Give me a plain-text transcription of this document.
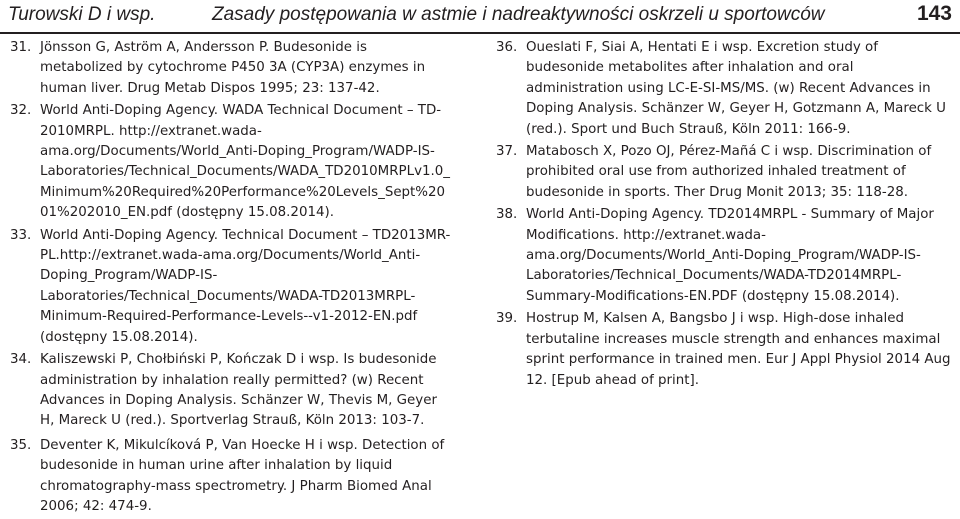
Turowski D i wsp.	Zasady postępowania w astmie i nadreaktywności oskrzeli u sportowców	143
31. Jönsson G, Aström A, Andersson P. Budesonide is metabolized by cytochrome P450 3A (CYP3A) enzymes in human liver. Drug Metab Dispos 1995; 23: 137-42.
32. World Anti-Doping Agency. WADA Technical Document – TD-2010MRPL. http://extranet.wada-ama.org/Documents/World_Anti-Doping_Program/WADP-IS-Laboratories/Technical_Documents/WADA_TD2010MRPLv1.0_Minimum%20Required%20Performance%20Levels_Sept%2001%202010_EN.pdf (dostępny 15.08.2014).
33. World Anti-Doping Agency. Technical Document – TD2013MR-PL.http://extranet.wada-ama.org/Documents/World_Anti-Doping_Program/WADP-IS-Laboratories/Technical_Documents/WADA-TD2013MRPL-Minimum-Required-Performance-Levels--v1-2012-EN.pdf (dostępny 15.08.2014).
34. Kaliszewski P, Chołbiński P, Kończak D i wsp. Is budesonide administration by inhalation really permitted? (w) Recent Advances in Doping Analysis. Schänzer W, Thevis M, Geyer H, Mareck U (red.). Sportverlag Strauß, Köln 2013: 103-7.
35. Deventer K, Mikulcíková P, Van Hoecke H i wsp. Detection of budesonide in human urine after inhalation by liquid chromatography-mass spectrometry. J Pharm Biomed Anal 2006; 42: 474-9.
36. Oueslati F, Siai A, Hentati E i wsp. Excretion study of budesonide metabolites after inhalation and oral administration using LC-E-SI-MS/MS. (w) Recent Advances in Doping Analysis. Schänzer W, Geyer H, Gotzmann A, Mareck U (red.). Sport und Buch Strauß, Köln 2011: 166-9.
37. Matabosch X, Pozo OJ, Pérez-Mañá C i wsp. Discrimination of prohibited oral use from authorized inhaled treatment of budesonide in sports. Ther Drug Monit 2013; 35: 118-28.
38. World Anti-Doping Agency. TD2014MRPL - Summary of Major Modifications. http://extranet.wada-ama.org/Documents/World_Anti-Doping_Program/WADP-IS-Laboratories/Technical_Documents/WADA-TD2014MRPL-Summary-Modifications-EN.PDF (dostępny 15.08.2014).
39. Hostrup M, Kalsen A, Bangsbo J i wsp. High-dose inhaled terbutaline increases muscle strength and enhances maximal sprint performance in trained men. Eur J Appl Physiol 2014 Aug 12. [Epub ahead of print].
